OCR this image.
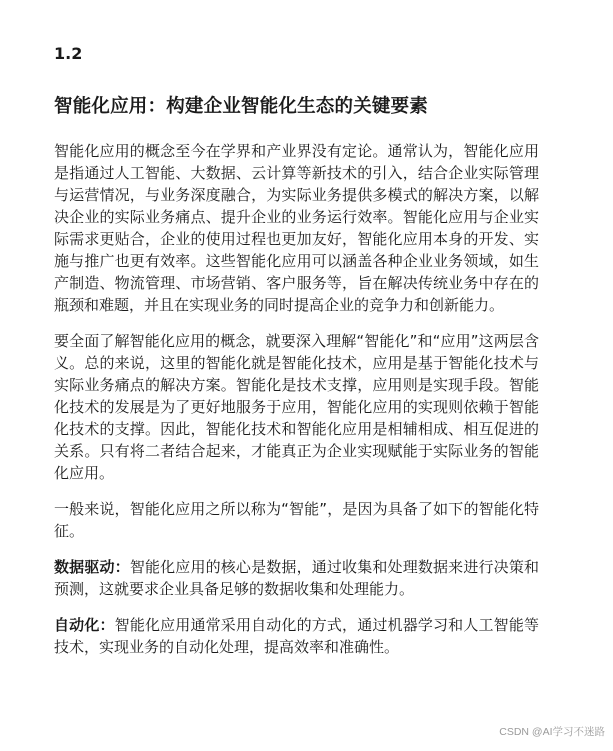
1.2
智能化应用：构建企业智能化生态的关键要素

智能化应用的概念至今在学界和产业界没有定论。通常认为，智能化应用是指通过人工智能、大数据、云计算等新技术的引入，结合企业实际管理与运营情况，与业务深度融合，为实际业务提供多模式的解决方案，以解决企业的实际业务痛点、提升企业的业务运行效率。智能化应用与企业实际需求更贴合，企业的使用过程也更加友好，智能化应用本身的开发、实施与推广也更有效率。这些智能化应用可以涵盖各种企业业务领域，如生产制造、物流管理、市场营销、客户服务等，旨在解决传统业务中存在的瓶颈和难题，并且在实现业务的同时提高企业的竞争力和创新能力。

要全面了解智能化应用的概念，就要深入理解“智能化”和“应用”这两层含义。总的来说，这里的智能化就是智能化技术，应用是基于智能化技术与实际业务痛点的解决方案。智能化是技术支撑，应用则是实现手段。智能化技术的发展是为了更好地服务于应用，智能化应用的实现则依赖于智能化技术的支撑。因此，智能化技术和智能化应用是相辅相成、相互促进的关系。只有将二者结合起来，才能真正为企业实现赋能于实际业务的智能化应用。

一般来说，智能化应用之所以称为“智能”，是因为具备了如下的智能化特征。

数据驱动：智能化应用的核心是数据，通过收集和处理数据来进行决策和预测，这就要求企业具备足够的数据收集和处理能力。

自动化：智能化应用通常采用自动化的方式，通过机器学习和人工智能等技术，实现业务的自动化处理，提高效率和准确性。

CSDN @AI学习不迷路
